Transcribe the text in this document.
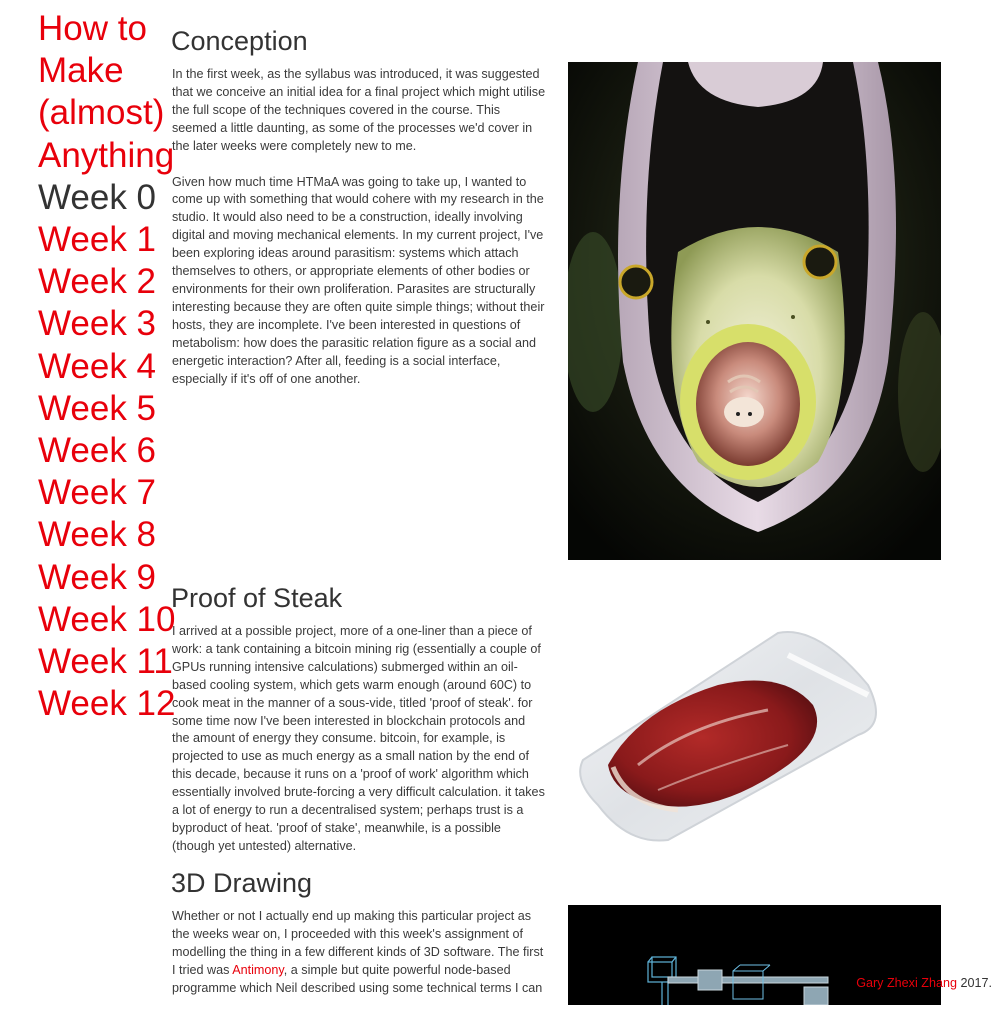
How to
Make
(almost)
Anything
Week 0
Week 1
Week 2
Week 3
Week 4
Week 5
Week 6
Week 7
Week 8
Week 9
Week 10
Week 11
Week 12
Conception

In the first week, as the syllabus was introduced, it was suggested that we conceive an initial idea for a final project which might utilise the full scope of the techniques covered in the course. This seemed a little daunting, as some of the processes we'd cover in the later weeks were completely new to me.

Given how much time HTMaA was going to take up, I wanted to come up with something that would cohere with my research in the studio. It would also need to be a construction, ideally involving digital and moving mechanical elements. In my current project, I've been exploring ideas around parasitism: systems which attach themselves to others, or appropriate elements of other bodies or environments for their own proliferation. Parasites are structurally interesting because they are often quite simple things; without their hosts, they are incomplete. I've been interested in questions of metabolism: how does the parasitic relation figure as a social and energetic interaction? After all, feeding is a social interface, especially if it's off of one another.

Proof of Steak

I arrived at a possible project, more of a one-liner than a piece of work: a tank containing a bitcoin mining rig (essentially a couple of GPUs running intensive calculations) submerged within an oil-based cooling system, which gets warm enough (around 60C) to cook meat in the manner of a sous-vide, titled 'proof of steak'. for some time now I've been interested in blockchain protocols and the amount of energy they consume. bitcoin, for example, is projected to use as much energy as a small nation by the end of this decade, because it runs on a 'proof of work' algorithm which essentially involved brute-forcing a very difficult calculation. it takes a lot of energy to run a decentralised system; perhaps trust is a byproduct of heat. 'proof of stake', meanwhile, is a possible (though yet untested) alternative.

3D Drawing

Whether or not I actually end up making this particular project as the weeks wear on, I proceeded with this week's assignment of modelling the thing in a few different kinds of 3D software. The first I tried was Antimony, a simple but quite powerful node-based programme which Neil described using some technical terms I can	Gary Zhexi Zhang 2017.
